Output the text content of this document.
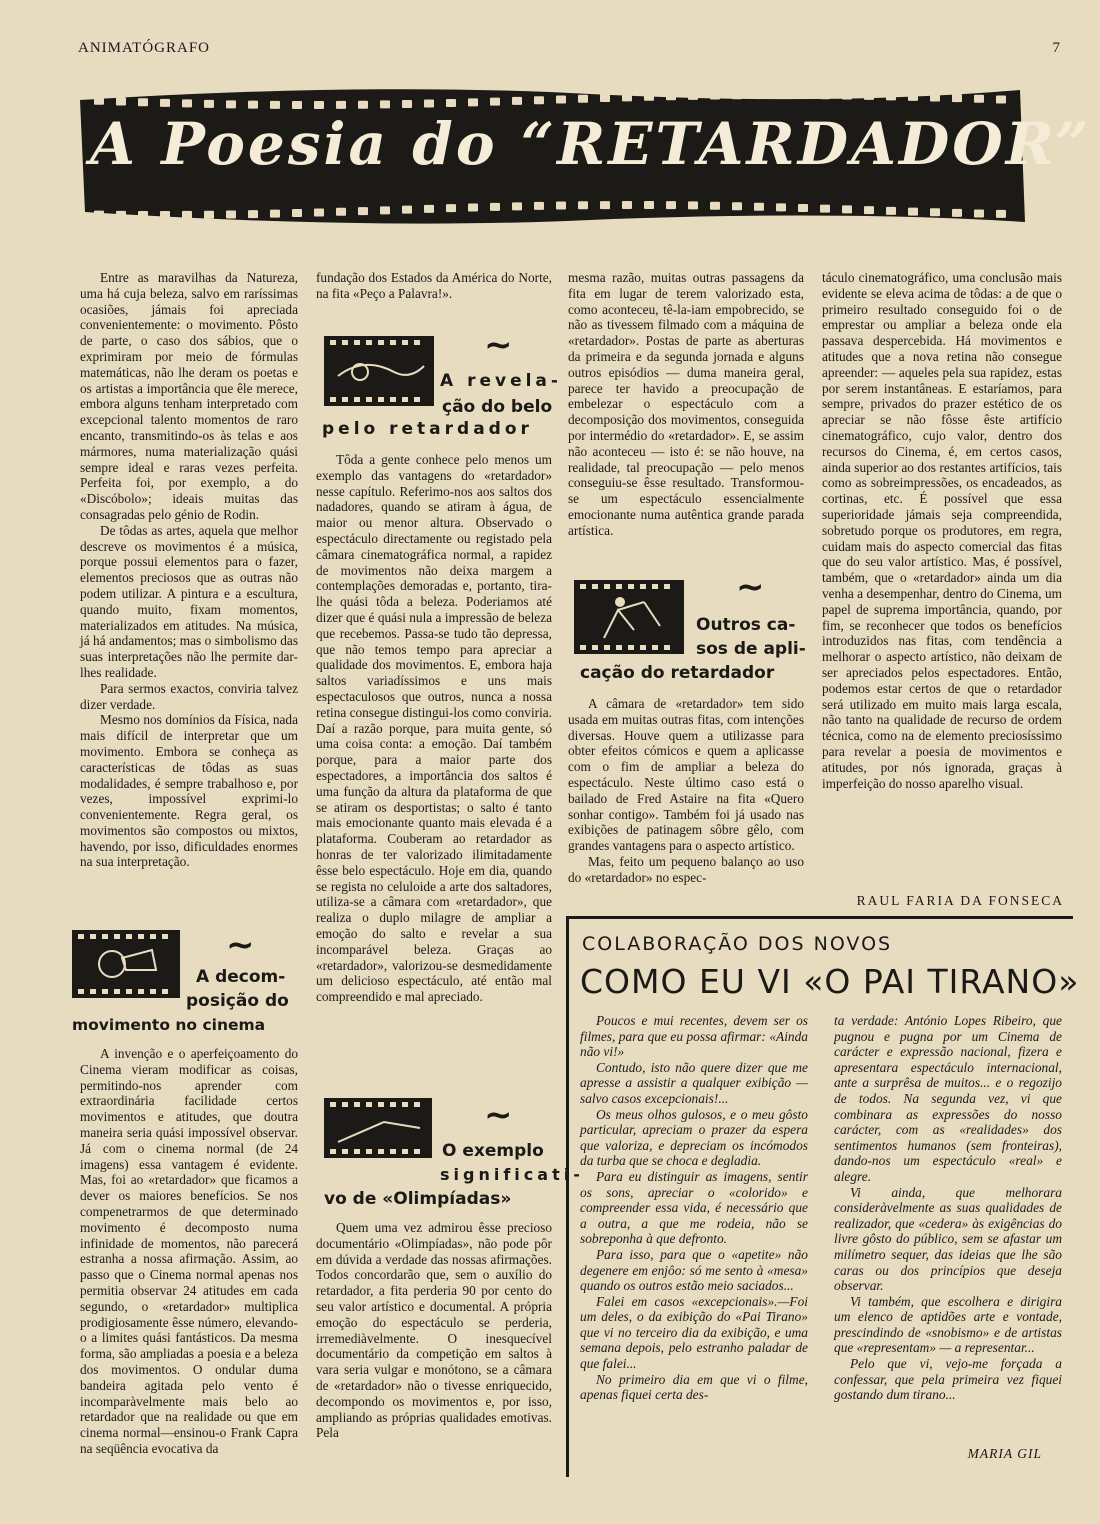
ANIMATÓGRAFO	7
A Poesia do “RETARDADOR”

Entre as maravilhas da Natureza, uma há cuja beleza, salvo em raríssimas ocasiões, jámais foi apreciada convenientemente: o movimento. Pôsto de parte, o caso dos sábios, que o exprimiram por meio de fórmulas matemáticas, não lhe deram os poetas e os artistas a importância que êle merece, embora alguns tenham interpretado com excepcional talento momentos de raro encanto, transmitindo-os às telas e aos mármores, numa materialização quási sempre ideal e raras vezes perfeita. Perfeita foi, por exemplo, a do «Discóbolo»; ideais muitas das consagradas pelo génio de Rodin.

De tôdas as artes, aquela que melhor descreve os movimentos é a música, porque possui elementos para o fazer, elementos preciosos que as outras não podem utilizar. A pintura e a escultura, quando muito, fixam momentos, materializados em atitudes. Na música, já há andamentos; mas o simbolismo das suas interpretações não lhe permite dar-lhes realidade.

Para sermos exactos, conviria talvez dizer verdade.

Mesmo nos domínios da Física, nada mais difícil de interpretar que um movimento. Embora se conheça as características de tôdas as suas modalidades, é sempre trabalhoso e, por vezes, impossível exprimi-lo convenientemente. Regra geral, os movimentos são compostos ou mixtos, havendo, por isso, dificuldades enormes na sua interpretação.

~
A decom-
posição do
movimento no cinema

A invenção e o aperfeiçoamento do Cinema vieram modificar as coisas, permitindo-nos aprender com extraordinária facilidade certos movimentos e atitudes, que doutra maneira seria quási impossível observar. Já com o cinema normal (de 24 imagens) essa vantagem é evidente. Mas, foi ao «retardador» que ficamos a dever os maiores benefícios. Se nos compenetrarmos de que determinado movimento é decomposto numa infinidade de momentos, não parecerá estranha a nossa afirmação. Assim, ao passo que o Cinema normal apenas nos permitia observar 24 atitudes em cada segundo, o «retardador» multiplica prodigiosamente êsse número, elevando-o a limites quási fantásticos. Da mesma forma, são ampliadas a poesia e a beleza dos movimentos. O ondular duma bandeira agitada pelo vento é incomparàvelmente mais belo ao retardador que na realidade ou que em cinema normal—ensinou-o Frank Capra na seqüência evocativa da

fundação dos Estados da América do Norte, na fita «Peço a Palavra!».

~
A revela-
ção do belo
pelo retardador

Tôda a gente conhece pelo menos um exemplo das vantagens do «retardador» nesse capítulo. Referimo-nos aos saltos dos nadadores, quando se atiram à água, de maior ou menor altura. Observado o espectáculo directamente ou registado pela câmara cinematográfica normal, a rapidez de movimentos não deixa margem a contemplações demoradas e, portanto, tira-lhe quási tôda a beleza. Poderiamos até dizer que é quási nula a impressão de beleza que recebemos. Passa-se tudo tão depressa, que não temos tempo para apreciar a qualidade dos movimentos. E, embora haja saltos variadíssimos e uns mais espectaculosos que outros, nunca a nossa retina consegue distingui-los como conviria. Daí a razão porque, para muita gente, só uma coisa conta: a emoção. Daí também porque, para a maior parte dos espectadores, a importância dos saltos é uma função da altura da plataforma de que se atiram os desportistas; o salto é tanto mais emocionante quanto mais elevada é a plataforma. Couberam ao retardador as honras de ter valorizado ilimitadamente êsse belo espectáculo. Hoje em dia, quando se regista no celuloide a arte dos saltadores, utiliza-se a câmara com «retardador», que realiza o duplo milagre de ampliar a emoção do salto e revelar a sua incomparável beleza. Graças ao «retardador», valorizou-se desmedidamente um delicioso espectáculo, até então mal compreendido e mal apreciado.

~
O exemplo
significati-
vo de «Olimpíadas»

Quem uma vez admirou êsse precioso documentário «Olimpíadas», não pode pôr em dúvida a verdade das nossas afirmações. Todos concordarão que, sem o auxílio do retardador, a fita perderia 90 por cento do seu valor artístico e documental. A própria emoção do espectáculo se perderia, irremediàvelmente. O inesquecível documentário da competição em saltos à vara seria vulgar e monótono, se a câmara de «retardador» não o tivesse enriquecido, decompondo os movimentos e, por isso, ampliando as próprias qualidades emotivas. Pela

mesma razão, muitas outras passagens da fita em lugar de terem valorizado esta, como aconteceu, tê-la-iam empobrecido, se não as tivessem filmado com a máquina de «retardador». Postas de parte as aberturas da primeira e da segunda jornada e alguns outros episódios — duma maneira geral, parece ter havido a preocupação de embelezar o espectáculo com a decomposição dos movimentos, conseguida por intermédio do «retardador». E, se assim não aconteceu — isto é: se não houve, na realidade, tal preocupação — pelo menos conseguiu-se êsse resultado. Transformou-se um espectáculo essencialmente emocionante numa autêntica grande parada artística.

~
Outros ca-
sos de apli-
cação do retardador

A câmara de «retardador» tem sido usada em muitas outras fitas, com intenções diversas. Houve quem a utilizasse para obter efeitos cómicos e quem a aplicasse com o fim de ampliar a beleza do espectáculo. Neste último caso está o bailado de Fred Astaire na fita «Quero sonhar contigo». Também foi já usado nas exibições de patinagem sôbre gêlo, com grandes vantagens para o aspecto artístico.

Mas, feito um pequeno balanço ao uso do «retardador» no espec-

táculo cinematográfico, uma conclusão mais evidente se eleva acima de tôdas: a de que o primeiro resultado conseguido foi o de emprestar ou ampliar a beleza onde ela passava despercebida. Há movimentos e atitudes que a nova retina não consegue apreender: — aqueles pela sua rapidez, estas por serem instantâneas. E estaríamos, para sempre, privados do prazer estético de os apreciar se não fôsse êste artifício cinematográfico, cujo valor, dentro dos recursos do Cinema, é, em certos casos, ainda superior ao dos restantes artifícios, tais como as sobreimpressões, os encadeados, as cortinas, etc. É possível que essa superioridade jámais seja compreendida, sobretudo porque os produtores, em regra, cuidam mais do aspecto comercial das fitas que do seu valor artístico. Mas, é possível, também, que o «retardador» ainda um dia venha a desempenhar, dentro do Cinema, um papel de suprema importância, quando, por fim, se reconhecer que todos os benefícios introduzidos nas fitas, com tendência a melhorar o aspecto artístico, não deixam de ser apreciados pelos espectadores. Então, podemos estar certos de que o retardador será utilizado em muito mais larga escala, não tanto na qualidade de recurso de ordem técnica, como na de elemento preciosíssimo para revelar a poesia de movimentos e atitudes, por nós ignorada, graças à imperfeição do nosso aparelho visual.

RAUL FARIA DA FONSECA
COLABORAÇÃO DOS NOVOS
COMO EU VI «O PAI TIRANO»

Poucos e mui recentes, devem ser os filmes, para que eu possa afirmar: «Ainda não vi!»

Contudo, isto não quere dizer que me apresse a assistir a qualquer exibição — salvo casos excepcionais!...

Os meus olhos gulosos, e o meu gôsto particular, apreciam o prazer da espera que valoriza, e depreciam os incómodos da turba que se choca e degladia.

Para eu distinguir as imagens, sentir os sons, apreciar o «colorido» e compreender essa vida, é necessário que a outra, a que me rodeia, não se sobreponha à que defronto.

Para isso, para que o «apetite» não degenere em enjôo: só me sento à «mesa» quando os outros estão meio saciados...

Falei em casos «excepcionais».—Foi um deles, o da exibição do «Pai Tirano» que vi no terceiro dia da exibição, e uma semana depois, pelo estranho paladar de que falei...

No primeiro dia em que vi o filme, apenas fiquei certa des-

ta verdade: António Lopes Ribeiro, que pugnou e pugna por um Cinema de carácter e expressão nacional, fizera e apresentara espectáculo internacional, ante a surprêsa de muitos... e o regozijo de todos. Na segunda vez, vi que combinara as expressões do nosso carácter, com as «realidades» dos sentimentos humanos (sem fronteiras), dando-nos um espectáculo «real» e alegre.

Vi ainda, que melhorara consideràvelmente as suas qualidades de realizador, que «cedera» às exigências do livre gôsto do público, sem se afastar um milímetro sequer, das ideias que lhe são caras ou dos princípios que deseja observar.

Vi também, que escolhera e dirigira um elenco de aptidões arte e vontade, prescindindo de «snobismo» e de artistas que «representam» — a representar...

Pelo que vi, vejo-me forçada a confessar, que pela primeira vez fiquei gostando dum tirano...

MARIA GIL
